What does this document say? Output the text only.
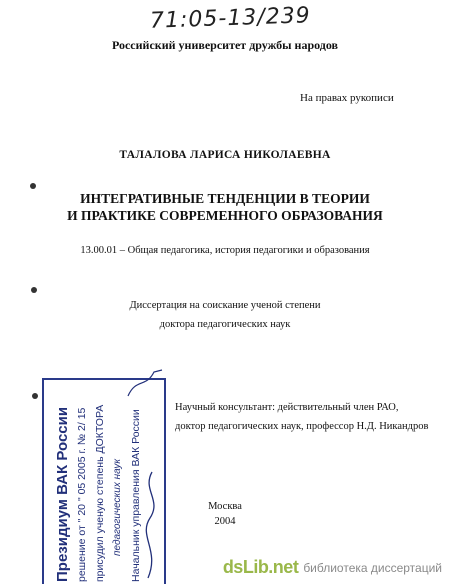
71:05-13/239
Российский университет дружбы народов
На правах рукописи
ТАЛАЛОВА ЛАРИСА НИКОЛАЕВНА
ИНТЕГРАТИВНЫЕ ТЕНДЕНЦИИ В ТЕОРИИ
И ПРАКТИКЕ СОВРЕМЕННОГО ОБРАЗОВАНИЯ
13.00.01 – Общая педагогика, история педагогики и образования
Диссертация на соискание ученой степени
доктора педагогических наук
Научный консультант: действительный член РАО,
доктор педагогических наук, профессор Н.Д. Никандров
Москва
2004
Президиум ВАК России решение от " 20 " 05 2005 г. № 2/ 15 присудил ученую степень ДОКТОРА педагогических наук Начальник управления ВАК России	dsLib.net библиотека диссертаций
